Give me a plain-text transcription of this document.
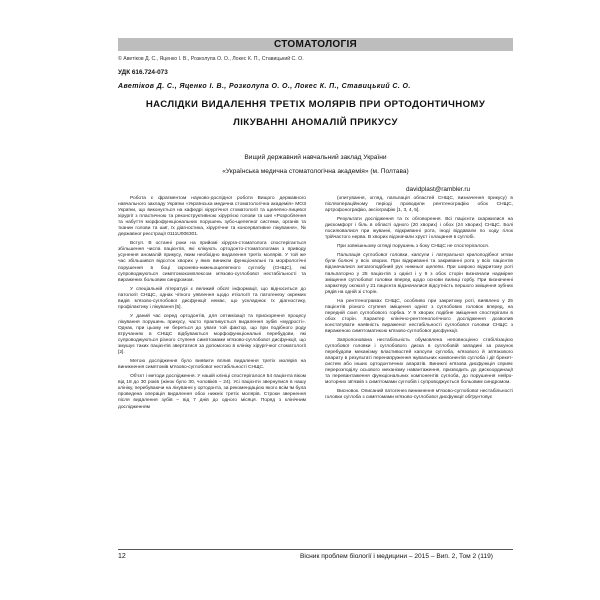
СТОМАТОЛОГІЯ
© Аветіков Д. С., Яценко І. В., Розколупа О. О., Локес К. П., Ставицький С. О.
УДК 616.724-073
Аветіков Д. С., Яценко І. В., Розколупа О. О., Локес К. П., Ставицький С. О.
НАСЛІДКИ ВИДАЛЕННЯ ТРЕТІХ МОЛЯРІВ ПРИ ОРТОДОНТИЧНОМУ
ЛІКУВАННІ АНОМАЛІЙ ПРИКУСУ
Вищий державний навчальний заклад України
«Українська медична стоматологічна академія» (м. Полтава)
davidplast@rambler.ru

Робота є фрагментом науково-дослідної роботи Вищого державного навчального закладу України «Українська медична стоматологічна академія» МОЗ України, що виконується на кафедрі хірургічної стоматології та щелепно-лицевої хірургії з пластичною та реконструктивною хірургією голови та шиї «Розроблення та набуття морфофункціональних порушень зубо-щелепної системи, органів та тканин голови та шиї, їх діагностика, хірургічне та консервативне лікування», № державної реєстрації 0111U006301.

Вступ. В останні роки на прийомі хірурга-стоматолога спостерігається збільшення числа пацієнтів, які клікують ортодонто-стоматологами з приводу усунення аномалій прикусу, яким необхідно видалення третіх молярів. У той же час збільшився відсоток хворих у яких виникли функціональні та морфологічні порушення в боці скронево-нижньощелепного суглобу (СНЩС), які супроводжуються симптомокомплексом м'язово-суглобової нестабільності та виражених больовим синдромом.

У спеціальній літературі є великий обсяг інформації, що відноситься до патології СНЩС, однак чіткого уявлення щодо етіології та патогенезу окремих видів м'язово-суглобової дисфункції немає, що ускладнює їх діагностику, профілактику і лікування [5].

У даний час серед ортодонтів, для оптимізації та прискорення процесу лікування порушень прикусу, часто практикується видалення зубів «мудрості». Однак, при цьому не береться до уваги той фактор, що при подібного роду втручаннях в СНЩС відбуваються морфофункціональні перебудови, які супроводжуються різного ступеня симптомами м'язово-суглобової дисфункції, що змушує таких пацієнтів звертатися за допомогою в клініку хірургічної стоматології [2].

Метою дослідження було виявити вплив видалення третіх молярів на виникнення симптомів м'язово-суглобової нестабільності СНЩС.

Об'єкт і методи дослідження. У нашій клініці спостерігалося 54 пацієнта віком від 18 до 30 років (жінок було 30, чоловіків – 24). Усі пацієнти звернулися в нашу клініку, перебуваючи на лікуванні у ортодонта, за рекомендацією якого всім їм була проведена операція видалення обох нижніх третіх молярів. Строки звернення після видалення зубів – від 7 днів до одного місяця. Поряд з клінічним дослідженням

(опитування, огляд, пальпація областей СНЩС, визначення прикусу) в післяопераційному періоді проводили рентгенографію обох СНЩС, артрофонографію, аксіографію [1, 3, 4, 5].

Результати дослідження та їх обговорення. Всі пацієнти скаржилися на дискомфорт і біль в області одного (20 хворих) і обох (24 хворих) СНЩС. Болі посилювалися при жуванні, відкриванні рота, іноді віддавали по ходу гілок трійчастого нерва. В хворих відзначали хруст і клацання в суглобі.

При зовнішньому огляді порушень з боку СНЩС не спостерігалося.

Пальпація суглобової головки, капсули і латеральної крилоподібної м'язи були болючі у всіх хворих. При відкриванні та закриванні рота у всіх пацієнтів відзначалися зигзагоподібний рух нижньої щелепи. При широко відкритому роті пальпаторно у 25 пацієнтів з однієї і у 9 з обох сторін визначали надмірне зміщення суглобової головки вперед щодо основи вилиці горбу. При визначенні характеру оклюзії у 21 пацієнта відзначалися відсутність першого зміщення зубних рядів на одній зі сторін.

На рентгенограмах СНЩС, особливо при закритому роті, виявлено у 25 пацієнтів різного ступеня зміщення однієї з суглобових головок вперед, на передній схил суглобового горбка. У 9 хворих подібне зміщення спостерігали в обох сторін. Характер клінічно-рентгенологічного дослідження дозволив констатувати наявність вираженої нестабільності суглобової головки СНЩС з вираженою симптоматикою м'язово-суглобової дисфункції.

Запропонована нестабільність обумовлена неповноцінно стабілізацією суглобової головки і суглобового диска в суглобовій западині за рахунок перебудови механізму властивостей капсули суглоба, м'язового й зв'язкового апарату в результаті перенапруження жувальних компонентів суглоба і дії брекет-систем або інших ортодонтичних апаратів. Виниклі м'язова дисфункція сприяє перерозподілу осьового механізму навантаження, призводить до дискоординації та перевантаження функціональних компонентів суглоба, до порушення нейро-моторних зв'язків з симптомами суглобів і супроводжується больовим синдромом.

Висновок. Описаний патогенез виникнення м'язово-суглобової нестабільності головки суглоба з симптомами м'язово-суглобової дисфункції обґрунтовує

12	Вісник проблем біології і медицини – 2015 – Вип. 2, Том 2 (119)
